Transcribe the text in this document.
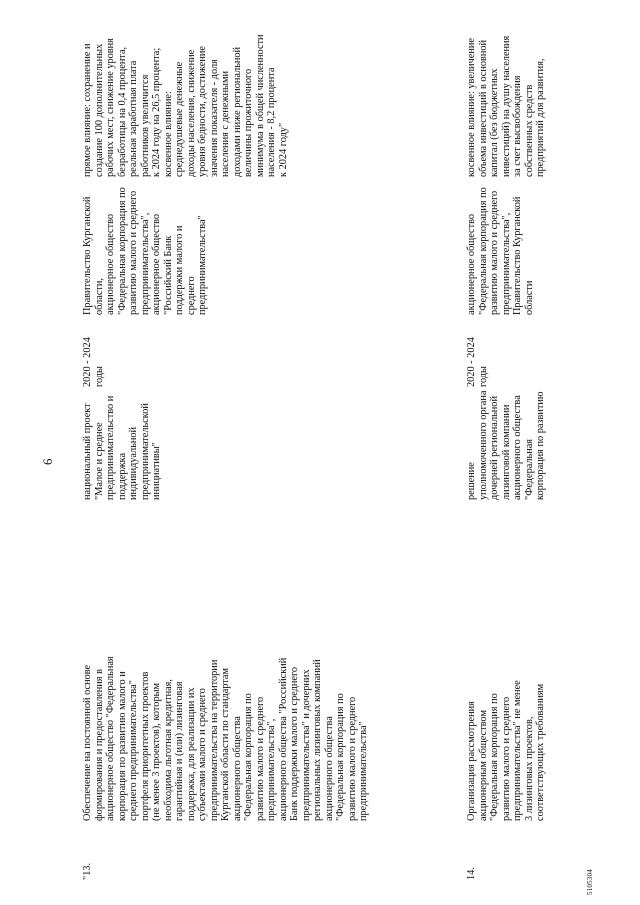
6
"13.
Обеспечение на постоянной основе
формирования и предоставления в
акционерное общество "Федеральная
корпорация по развитию малого и
среднего предпринимательства"
портфеля приоритетных проектов
(не менее 3 проектов), которым
необходима льготная кредитная,
гарантийная и (или) лизинговая
поддержка, для реализации их
субъектами малого и среднего
предпринимательства на территории
Курганской области по стандартам
акционерного общества
"Федеральная корпорация по
развитию малого и среднего
предпринимательства",
акционерного общества "Российский
Банк поддержки малого и среднего
предпринимательства" и дочерних
региональных лизинговых компаний
акционерного общества
"Федеральная корпорация по
развитию малого и среднего
предпринимательства"
национальный проект
"Малое и среднее
предпринимательство и
поддержка
индивидуальной
предпринимательской
инициативы"
2020 - 2024
годы
Правительство Курганской
области,
акционерное общество
"Федеральная корпорация по
развитию малого и среднего
предпринимательства",
акционерное общество
"Российский Банк
поддержки малого и
среднего
предпринимательства"
прямое влияние: сохранение и
создание 100 дополнительных
рабочих мест, снижение уровня
безработицы на 0,4 процента,
реальная заработная плата
работников увеличится
к 2024 году на 26,5 процента;
косвенное влияние:
среднедушевые денежные
доходы населения, снижение
уровня бедности, достижение
значения показателя - доля
населения с денежными
доходами ниже региональной
величины прожиточного
минимума в общей численности
населения - 8,2 процента
к 2024 году"
14.
Организация рассмотрения
акционерным обществом
"Федеральная корпорация по
развитию малого и среднего
предпринимательства" не менее
3 лизинговых проектов,
соответствующих требованиям
решение
уполномоченного органа
дочерней региональной
лизинговой компании
акционерного общества
"Федеральная
корпорация по развитию
2020 - 2024
годы
акционерное общество
"Федеральная корпорация по
развитию малого и среднего
предпринимательства",
Правительство Курганской
области
косвенное влияние: увеличение
объема инвестиций в основной
капитал (без бюджетных
инвестиций) на душу населения
за счет высвобождения
собственных средств
предприятий для развития,
5105304
